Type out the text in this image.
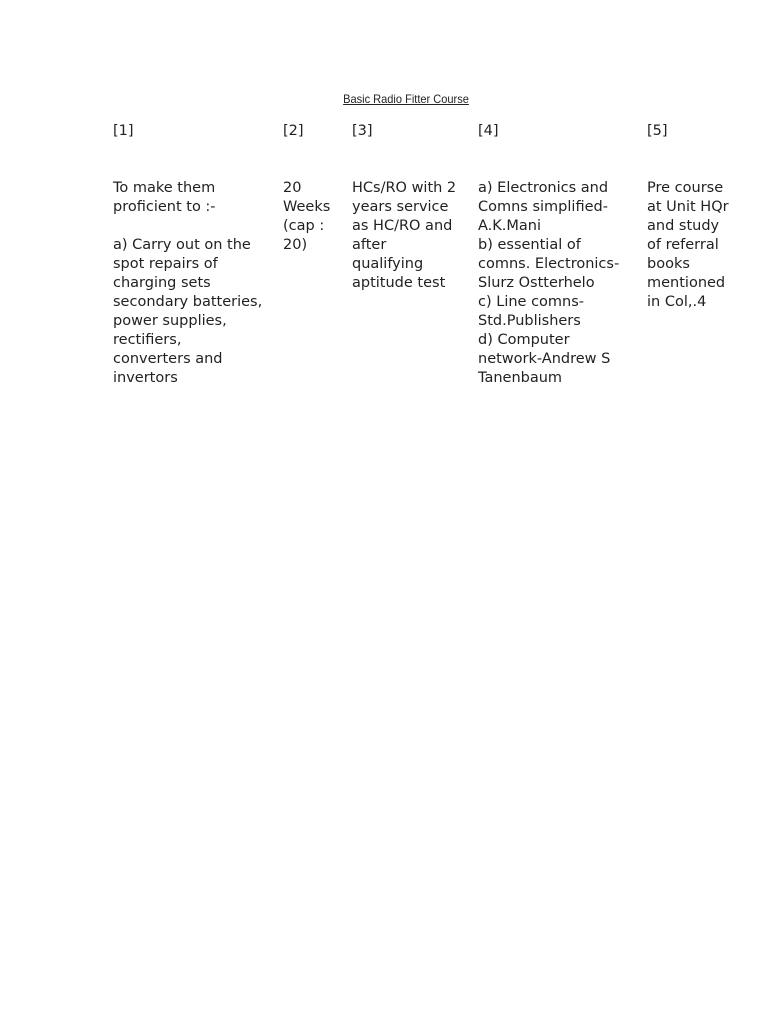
Basic Radio Fitter Course
[1]
To make them
proficient to :-
a) Carry out on the
spot repairs of
charging sets
secondary batteries,
power supplies,
rectifiers,
converters and
invertors
[2]
20
Weeks
(cap :
20)
[3]
HCs/RO with 2
years service
as HC/RO and
after
qualifying
aptitude test
[4]
a) Electronics and
Comns simplified-
A.K.Mani
b) essential of
comns. Electronics-
Slurz Ostterhelo
c) Line comns-
Std.Publishers
d) Computer
network-Andrew S
Tanenbaum
[5]
Pre course
at Unit HQr
and study
of referral
books
mentioned
in Col,.4
